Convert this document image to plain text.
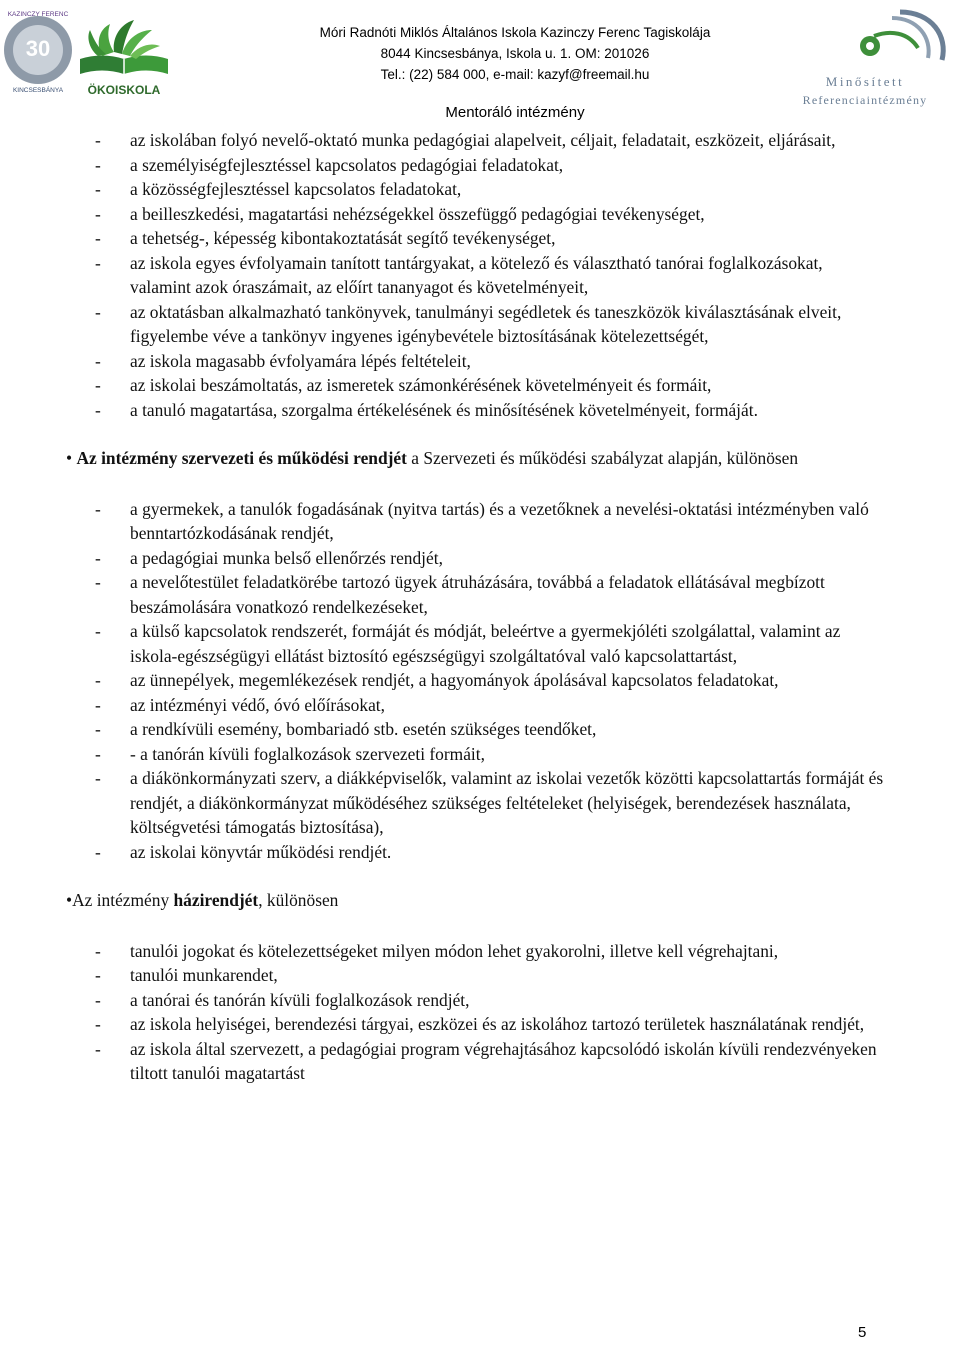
30
KAZINCZY FERENC
KINCSESBÁNYA ÖKOISKOLA
Móri Radnóti Miklós Általános Iskola Kazinczy Ferenc Tagiskolája
8044 Kincsesbánya, Iskola u. 1. OM: 201026
Tel.: (22) 584 000, e-mail: kazyf@freemail.hu
Mentoráló intézmény
Minősített
Referenciaintézmény
- az iskolában folyó nevelő-oktató munka pedagógiai alapelveit, céljait, feladatait, eszközeit, eljárásait,
- a személyiségfejlesztéssel kapcsolatos pedagógiai feladatokat,
- a közösségfejlesztéssel kapcsolatos feladatokat,
- a beilleszkedési, magatartási nehézségekkel összefüggő pedagógiai tevékenységet,
- a tehetség-, képesség kibontakoztatását segítő tevékenységet,
- az iskola egyes évfolyamain tanított tantárgyakat, a kötelező és választható tanórai foglalkozásokat, valamint azok óraszámait, az előírt tananyagot és követelményeit,
- az oktatásban alkalmazható tankönyvek, tanulmányi segédletek és taneszközök kiválasztásának elveit, figyelembe véve a tankönyv ingyenes igénybevétele biztosításának kötelezettségét,
- az iskola magasabb évfolyamára lépés feltételeit,
- az iskolai beszámoltatás, az ismeretek számonkérésének követelményeit és formáit,
- a tanuló magatartása, szorgalma értékelésének és minősítésének követelményeit, formáját.

• Az intézmény szervezeti és működési rendjét a Szervezeti és működési szabályzat alapján, különösen

- a gyermekek, a tanulók fogadásának (nyitva tartás) és a vezetőknek a nevelési-oktatási intézményben való benntartózkodásának rendjét,
- a pedagógiai munka belső ellenőrzés rendjét,
- a nevelőtestület feladatkörébe tartozó ügyek átruházására, továbbá a feladatok ellátásával megbízott beszámolására vonatkozó rendelkezéseket,
- a külső kapcsolatok rendszerét, formáját és módját, beleértve a gyermekjóléti szolgálattal, valamint az iskola-egészségügyi ellátást biztosító egészségügyi szolgáltatóval való kapcsolattartást,
- az ünnepélyek, megemlékezések rendjét, a hagyományok ápolásával kapcsolatos feladatokat,
- az intézményi védő, óvó előírásokat,
- a rendkívüli esemény, bombariadó stb. esetén szükséges teendőket,
- - a tanórán kívüli foglalkozások szervezeti formáit,
- a diákönkormányzati szerv, a diákképviselők, valamint az iskolai vezetők közötti kapcsolattartás formáját és rendjét, a diákönkormányzat működéséhez szükséges feltételeket (helyiségek, berendezések használata, költségvetési támogatás biztosítása),
- az iskolai könyvtár működési rendjét.

•Az intézmény házirendjét, különösen

- tanulói jogokat és kötelezettségeket milyen módon lehet gyakorolni, illetve kell végrehajtani,
- tanulói munkarendet,
- a tanórai és tanórán kívüli foglalkozások rendjét,
- az iskola helyiségei, berendezési tárgyai, eszközei és az iskolához tartozó területek használatának rendjét,
- az iskola által szervezett, a pedagógiai program végrehajtásához kapcsolódó iskolán kívüli rendezvényeken tiltott tanulói magatartást
5
